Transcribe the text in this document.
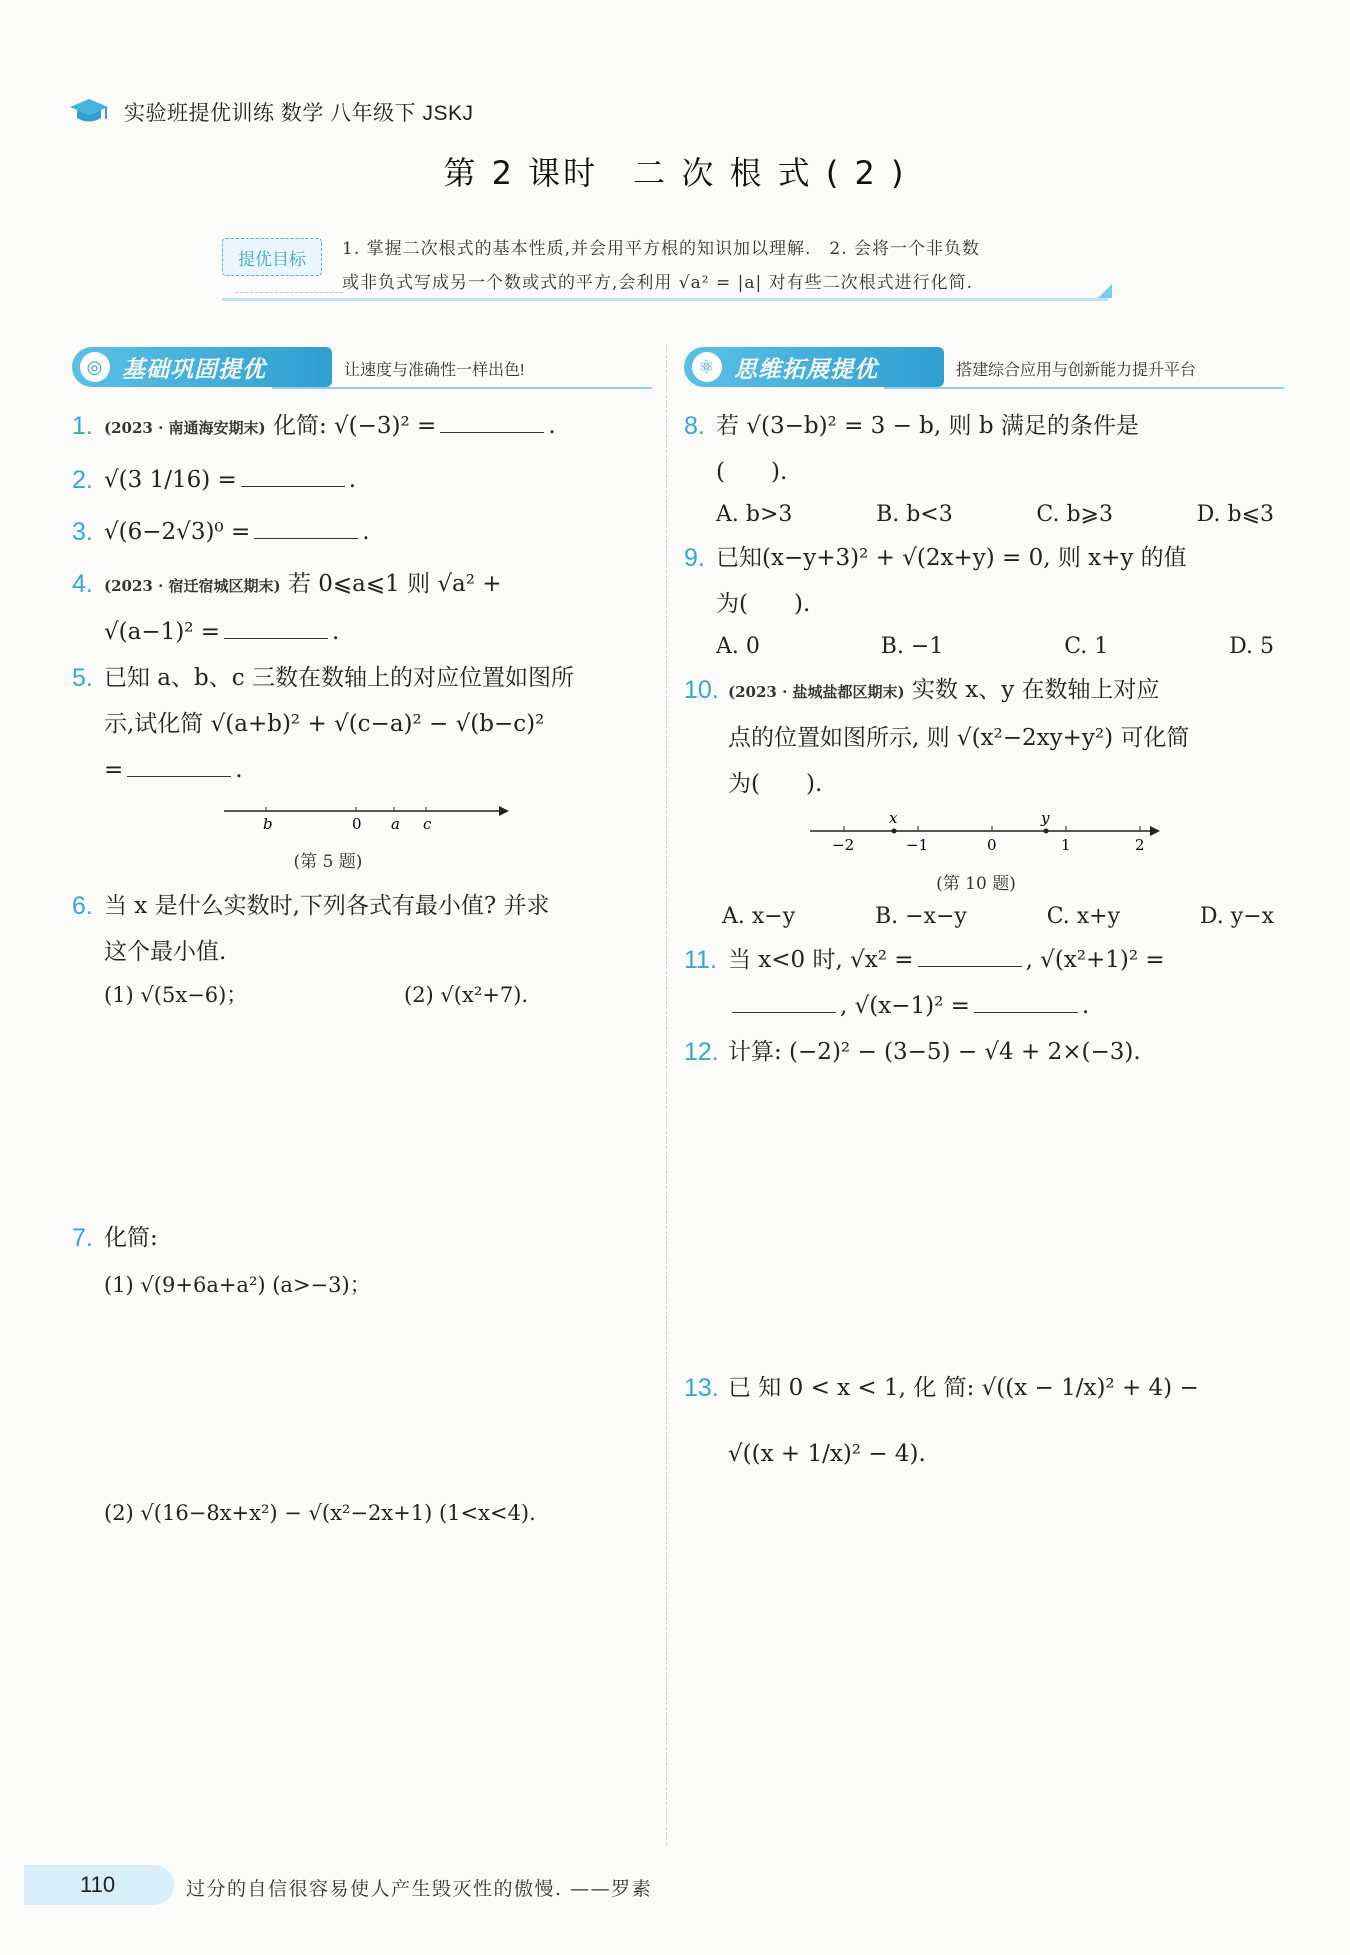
实验班提优训练 数学 八年级下 JSKJ
第 2 课时　二 次 根 式 ( 2 )
提优目标
1. 掌握二次根式的基本性质,并会用平方根的知识加以理解.　2. 会将一个非负数
或非负式写成另一个数或式的平方,会利用 √a² = |a| 对有些二次根式进行化简.
◎ 基础巩固提优	让速度与准确性一样出色!
1. (2023 · 南通海安期末) 化简: √(−3)² =	.
2. √(3 1/16) =	.
3. √(6−2√3)⁰ =	.
4. (2023 · 宿迁宿城区期末) 若 0⩽a⩽1 则 √a² +
√(a−1)² =	.
5. 已知 a、b、c 三数在数轴上的对应位置如图所
示,试化简 √(a+b)² + √(c−a)² − √(b−c)²
=	.
b	0 a c
(第 5 题)
6. 当 x 是什么实数时,下列各式有最小值? 并求
这个最小值.
(1) √(5x−6)；	(2) √(x²+7).
7. 化简:
(1) √(9+6a+a²) (a>−3)；
(2) √(16−8x+x²) − √(x²−2x+1) (1<x<4).
⚛ 思维拓展提优	搭建综合应用与创新能力提升平台
8. 若 √(3−b)² = 3 − b, 则 b 满足的条件是
(　　).
A. b>3	B. b<3	C. b⩾3	D. b⩽3
9. 已知(x−y+3)² + √(2x+y) = 0, 则 x+y 的值
为(　　).
A. 0	B. −1	C. 1	D. 5
10. (2023 · 盐城盐都区期末) 实数 x、y 在数轴上对应
点的位置如图所示, 则 √(x²−2xy+y²) 可化简
为(　　).
−2	−1	0	1	2
x	y
(第 10 题)
A. x−y	B. −x−y	C. x+y	D. y−x
11. 当 x<0 时, √x² =	, √(x²+1)² =
, √(x−1)² =	.
12. 计算: (−2)² − (3−5) − √4 + 2×(−3).
13. 已 知 0 < x < 1, 化 简: √((x − 1/x)² + 4) −
√((x + 1/x)² − 4).
110	过分的自信很容易使人产生毁灭性的傲慢. ——罗素
